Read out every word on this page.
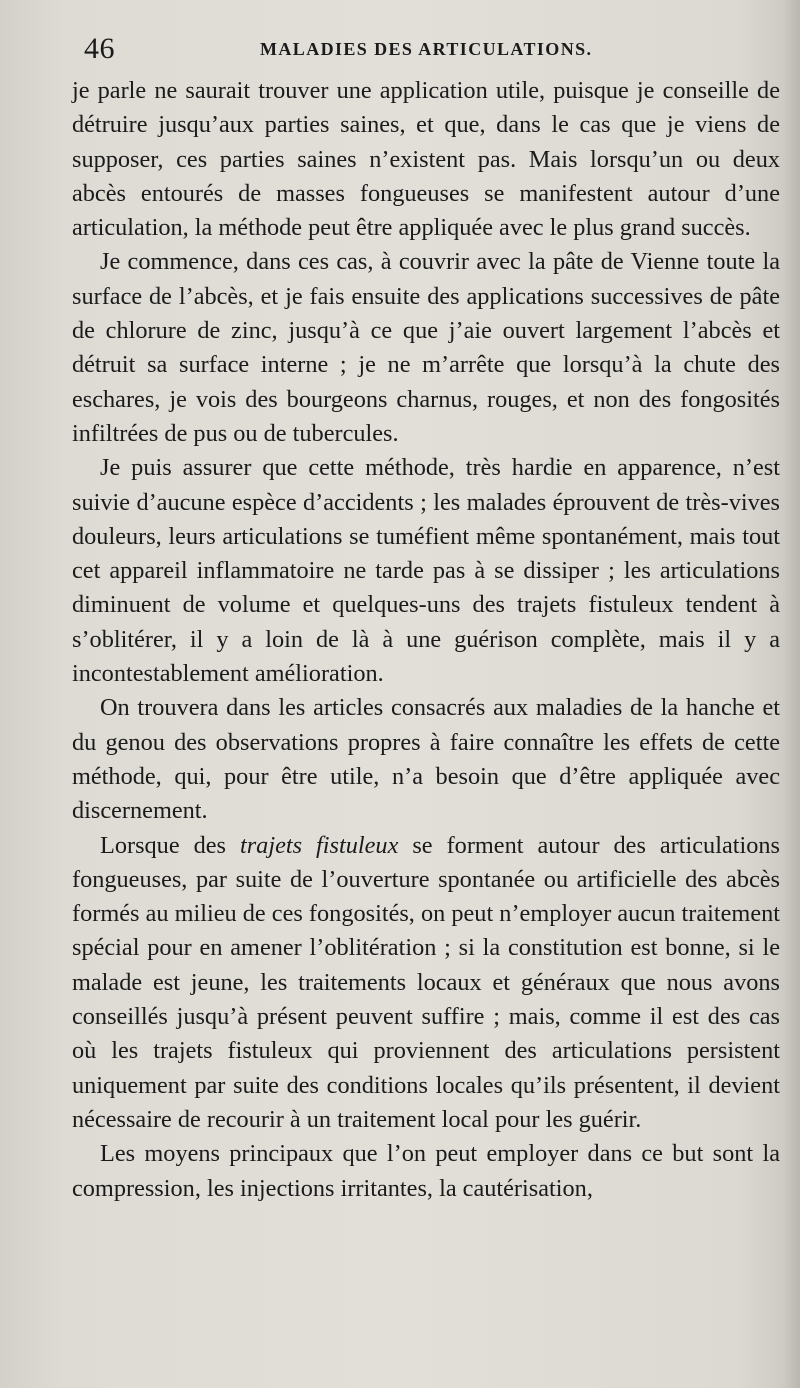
46	MALADIES DES ARTICULATIONS.

je parle ne saurait trouver une application utile, puisque je conseille de détruire jusqu’aux parties saines, et que, dans le cas que je viens de supposer, ces parties saines n’existent pas. Mais lorsqu’un ou deux abcès entourés de masses fongueuses se manifestent autour d’une articulation, la méthode peut être appliquée avec le plus grand succès.

Je commence, dans ces cas, à couvrir avec la pâte de Vienne toute la surface de l’abcès, et je fais ensuite des applications successives de pâte de chlorure de zinc, jusqu’à ce que j’aie ouvert largement l’abcès et détruit sa surface interne ; je ne m’arrête que lorsqu’à la chute des eschares, je vois des bourgeons charnus, rouges, et non des fongosités infiltrées de pus ou de tubercules.

Je puis assurer que cette méthode, très hardie en apparence, n’est suivie d’aucune espèce d’accidents ; les malades éprouvent de très-vives douleurs, leurs articulations se tuméfient même spontanément, mais tout cet appareil inflammatoire ne tarde pas à se dissiper ; les articulations diminuent de volume et quelques-uns des trajets fistuleux tendent à s’oblitérer, il y a loin de là à une guérison complète, mais il y a incontestablement amélioration.

On trouvera dans les articles consacrés aux maladies de la hanche et du genou des observations propres à faire connaître les effets de cette méthode, qui, pour être utile, n’a besoin que d’être appliquée avec discernement.

Lorsque des trajets fistuleux se forment autour des articulations fongueuses, par suite de l’ouverture spontanée ou artificielle des abcès formés au milieu de ces fongosités, on peut n’employer aucun traitement spécial pour en amener l’oblitération ; si la constitution est bonne, si le malade est jeune, les traitements locaux et généraux que nous avons conseillés jusqu’à présent peuvent suffire ; mais, comme il est des cas où les trajets fistuleux qui proviennent des articulations persistent uniquement par suite des conditions locales qu’ils présentent, il devient nécessaire de recourir à un traitement local pour les guérir.

Les moyens principaux que l’on peut employer dans ce but sont la compression, les injections irritantes, la cautérisation,
